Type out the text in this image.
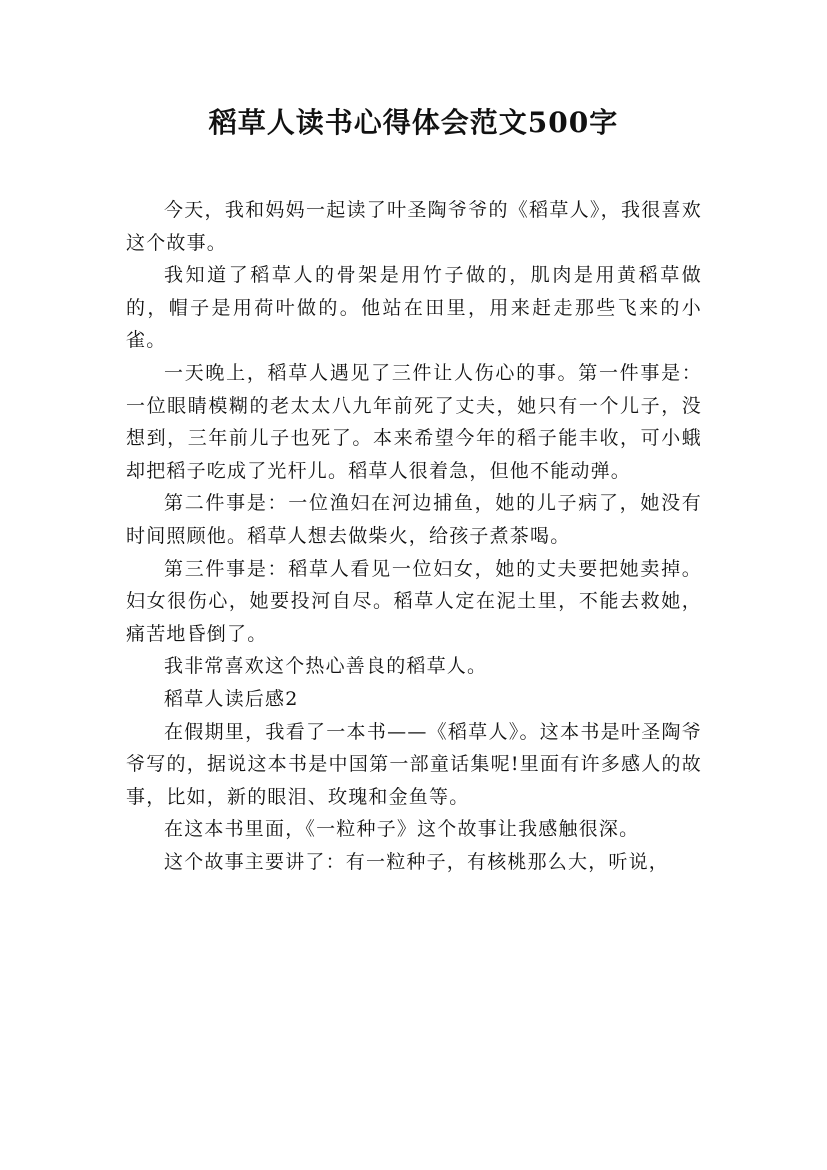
稻草人读书心得体会范文500字

今天，我和妈妈一起读了叶圣陶爷爷的《稻草人》，我很喜欢这个故事。

我知道了稻草人的骨架是用竹子做的，肌肉是用黄稻草做的，帽子是用荷叶做的。他站在田里，用来赶走那些飞来的小雀。

一天晚上，稻草人遇见了三件让人伤心的事。第一件事是：一位眼睛模糊的老太太八九年前死了丈夫，她只有一个儿子，没想到，三年前儿子也死了。本来希望今年的稻子能丰收，可小蛾却把稻子吃成了光杆儿。稻草人很着急，但他不能动弹。

第二件事是：一位渔妇在河边捕鱼，她的儿子病了，她没有时间照顾他。稻草人想去做柴火，给孩子煮茶喝。

第三件事是：稻草人看见一位妇女，她的丈夫要把她卖掉。妇女很伤心，她要投河自尽。稻草人定在泥土里，不能去救她，痛苦地昏倒了。

我非常喜欢这个热心善良的稻草人。

稻草人读后感2

在假期里，我看了一本书——《稻草人》。这本书是叶圣陶爷爷写的，据说这本书是中国第一部童话集呢!里面有许多感人的故事，比如，新的眼泪、玫瑰和金鱼等。

在这本书里面，《一粒种子》这个故事让我感触很深。

这个故事主要讲了：有一粒种子，有核桃那么大，听说，
